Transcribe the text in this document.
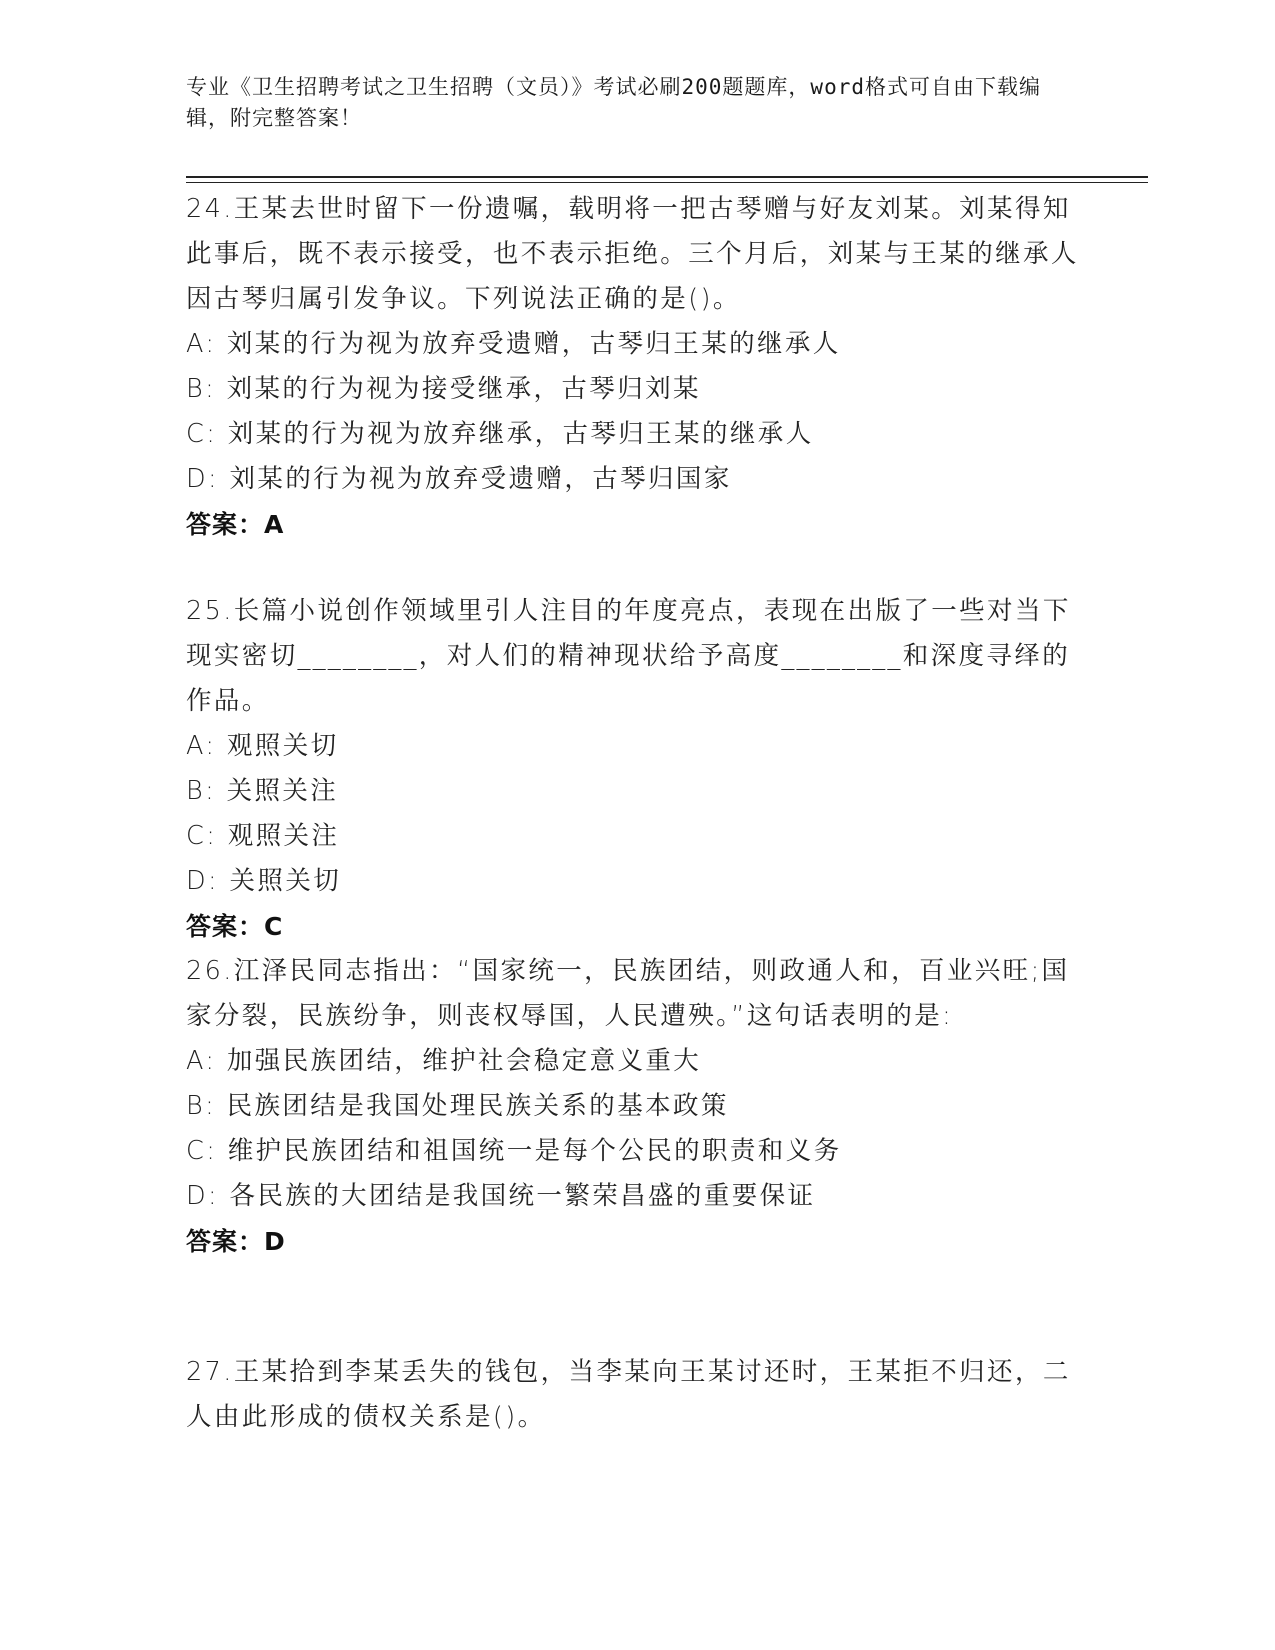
专业《卫生招聘考试之卫生招聘（文员）》考试必刷200题题库，word格式可自由下载编辑，附完整答案！

24.王某去世时留下一份遗嘱，载明将一把古琴赠与好友刘某。刘某得知此事后，既不表示接受，也不表示拒绝。三个月后，刘某与王某的继承人因古琴归属引发争议。下列说法正确的是()。

A: 刘某的行为视为放弃受遗赠，古琴归王某的继承人

B: 刘某的行为视为接受继承，古琴归刘某

C: 刘某的行为视为放弃继承，古琴归王某的继承人

D: 刘某的行为视为放弃受遗赠，古琴归国家

答案：A

25.长篇小说创作领域里引人注目的年度亮点，表现在出版了一些对当下现实密切________，对人们的精神现状给予高度________和深度寻绎的作品。

A: 观照关切

B: 关照关注

C: 观照关注

D: 关照关切

答案：C

26.江泽民同志指出：“国家统一，民族团结，则政通人和，百业兴旺;国家分裂，民族纷争，则丧权辱国，人民遭殃。”这句话表明的是:

A: 加强民族团结，维护社会稳定意义重大

B: 民族团结是我国处理民族关系的基本政策

C: 维护民族团结和祖国统一是每个公民的职责和义务

D: 各民族的大团结是我国统一繁荣昌盛的重要保证

答案：D

27.王某拾到李某丢失的钱包，当李某向王某讨还时，王某拒不归还，二人由此形成的债权关系是()。
